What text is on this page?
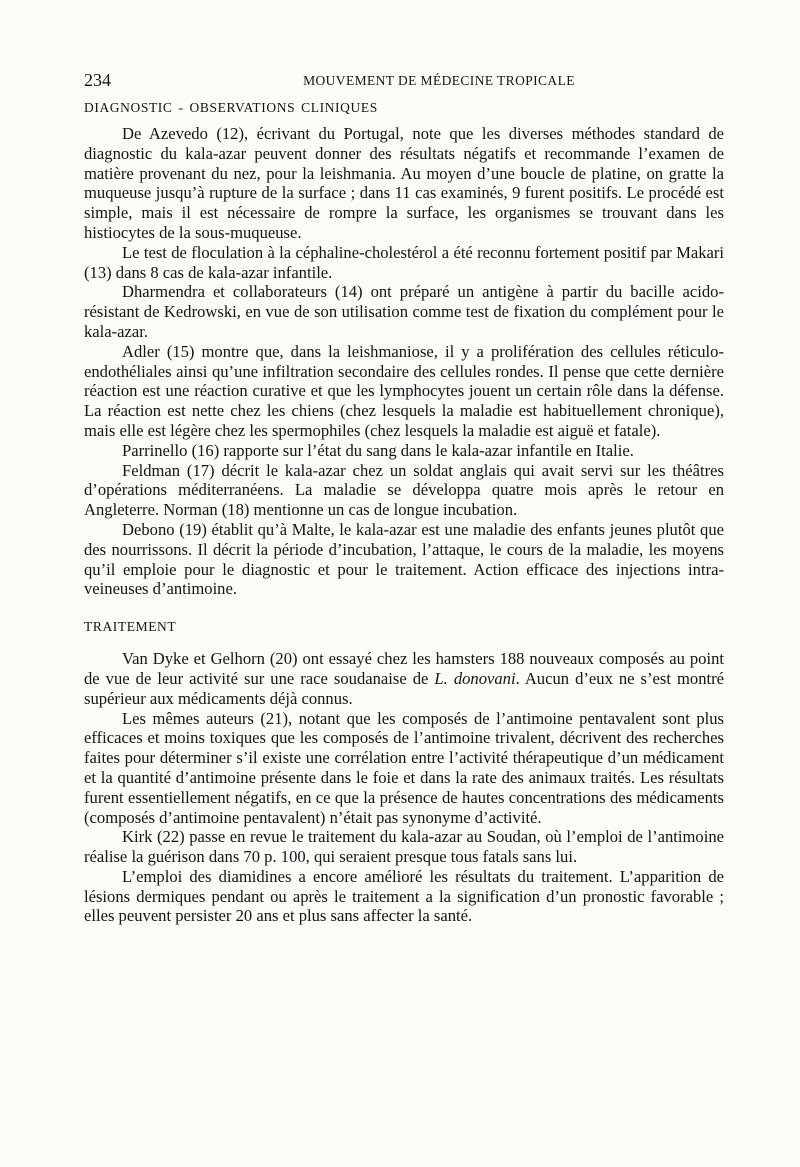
234	MOUVEMENT DE MÉDECINE TROPICALE
DIAGNOSTIC - OBSERVATIONS CLINIQUES

De Azevedo (12), écrivant du Portugal, note que les diverses méthodes standard de diagnostic du kala-azar peuvent donner des résultats négatifs et recommande l’examen de matière provenant du nez, pour la leishmania. Au moyen d’une boucle de platine, on gratte la muqueuse jusqu’à rupture de la surface ; dans 11 cas examinés, 9 furent positifs. Le procédé est simple, mais il est nécessaire de rompre la surface, les organismes se trouvant dans les histiocytes de la sous-muqueuse.

Le test de floculation à la céphaline-cholestérol a été reconnu fortement positif par Makari (13) dans 8 cas de kala-azar infantile.

Dharmendra et collaborateurs (14) ont préparé un antigène à partir du bacille acido-résistant de Kedrowski, en vue de son utilisation comme test de fixation du complément pour le kala-azar.

Adler (15) montre que, dans la leishmaniose, il y a prolifération des cellules réticulo-endothéliales ainsi qu’une infiltration secondaire des cellules rondes. Il pense que cette dernière réaction est une réaction curative et que les lymphocytes jouent un certain rôle dans la défense. La réaction est nette chez les chiens (chez lesquels la maladie est habituellement chronique), mais elle est légère chez les spermophiles (chez lesquels la maladie est aiguë et fatale).

Parrinello (16) rapporte sur l’état du sang dans le kala-azar infantile en Italie.

Feldman (17) décrit le kala-azar chez un soldat anglais qui avait servi sur les théâtres d’opérations méditerranéens. La maladie se développa quatre mois après le retour en Angleterre. Norman (18) mentionne un cas de longue incubation.

Debono (19) établit qu’à Malte, le kala-azar est une maladie des enfants jeunes plutôt que des nourrissons. Il décrit la période d’incubation, l’attaque, le cours de la maladie, les moyens qu’il emploie pour le diagnostic et pour le traitement. Action efficace des injections intraveineuses d’antimoine.

TRAITEMENT

Van Dyke et Gelhorn (20) ont essayé chez les hamsters 188 nouveaux composés au point de vue de leur activité sur une race soudanaise de L. donovani. Aucun d’eux ne s’est montré supérieur aux médicaments déjà connus.

Les mêmes auteurs (21), notant que les composés de l’antimoine pentavalent sont plus efficaces et moins toxiques que les composés de l’antimoine trivalent, décrivent des recherches faites pour déterminer s’il existe une corrélation entre l’activité thérapeutique d’un médicament et la quantité d’antimoine présente dans le foie et dans la rate des animaux traités. Les résultats furent essentiellement négatifs, en ce que la présence de hautes concentrations des médicaments (composés d’antimoine pentavalent) n’était pas synonyme d’activité.

Kirk (22) passe en revue le traitement du kala-azar au Soudan, où l’emploi de l’antimoine réalise la guérison dans 70 p. 100, qui seraient presque tous fatals sans lui.

L’emploi des diamidines a encore amélioré les résultats du traitement. L’apparition de lésions dermiques pendant ou après le traitement a la signification d’un pronostic favorable ; elles peuvent persister 20 ans et plus sans affecter la santé.
